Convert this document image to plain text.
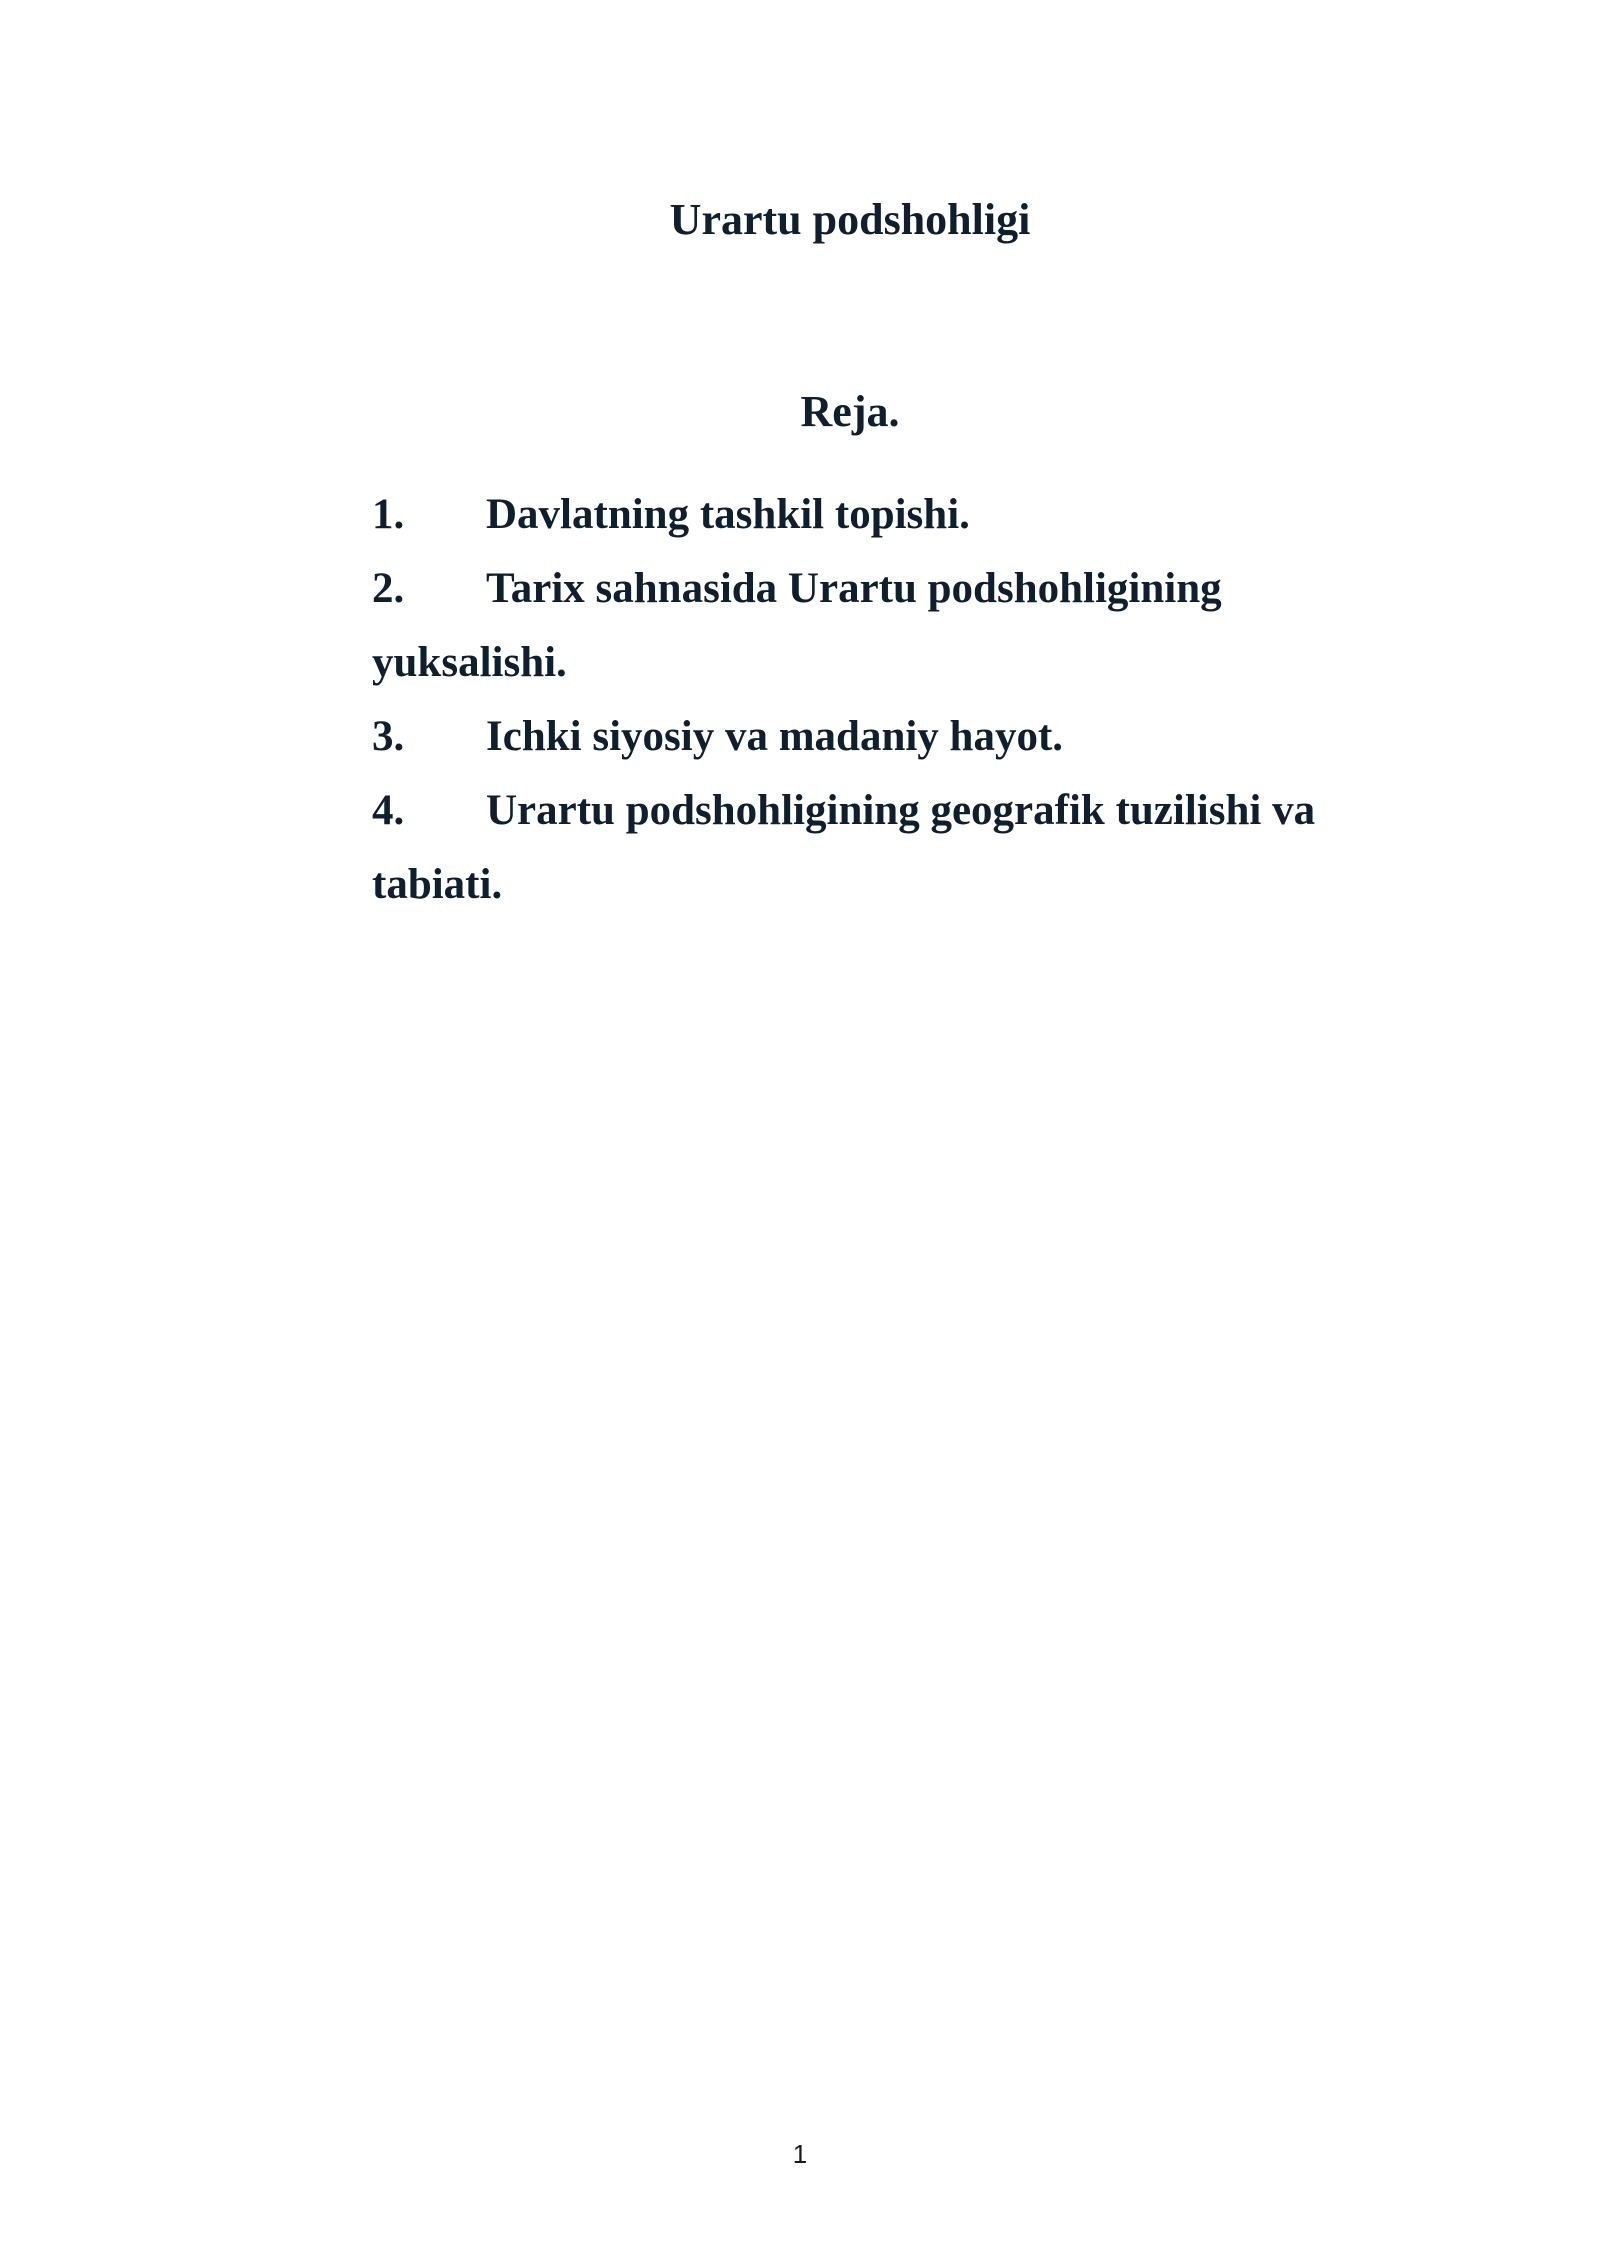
Urartu podshohligi
Reja.
1. Davlatning tashkil topishi.
2. Tarix sahnasida Urartu podshohligining yuksalishi.
3. Ichki siyosiy va madaniy hayot.
4. Urartu podshohligining geografik tuzilishi va tabiati.
1
